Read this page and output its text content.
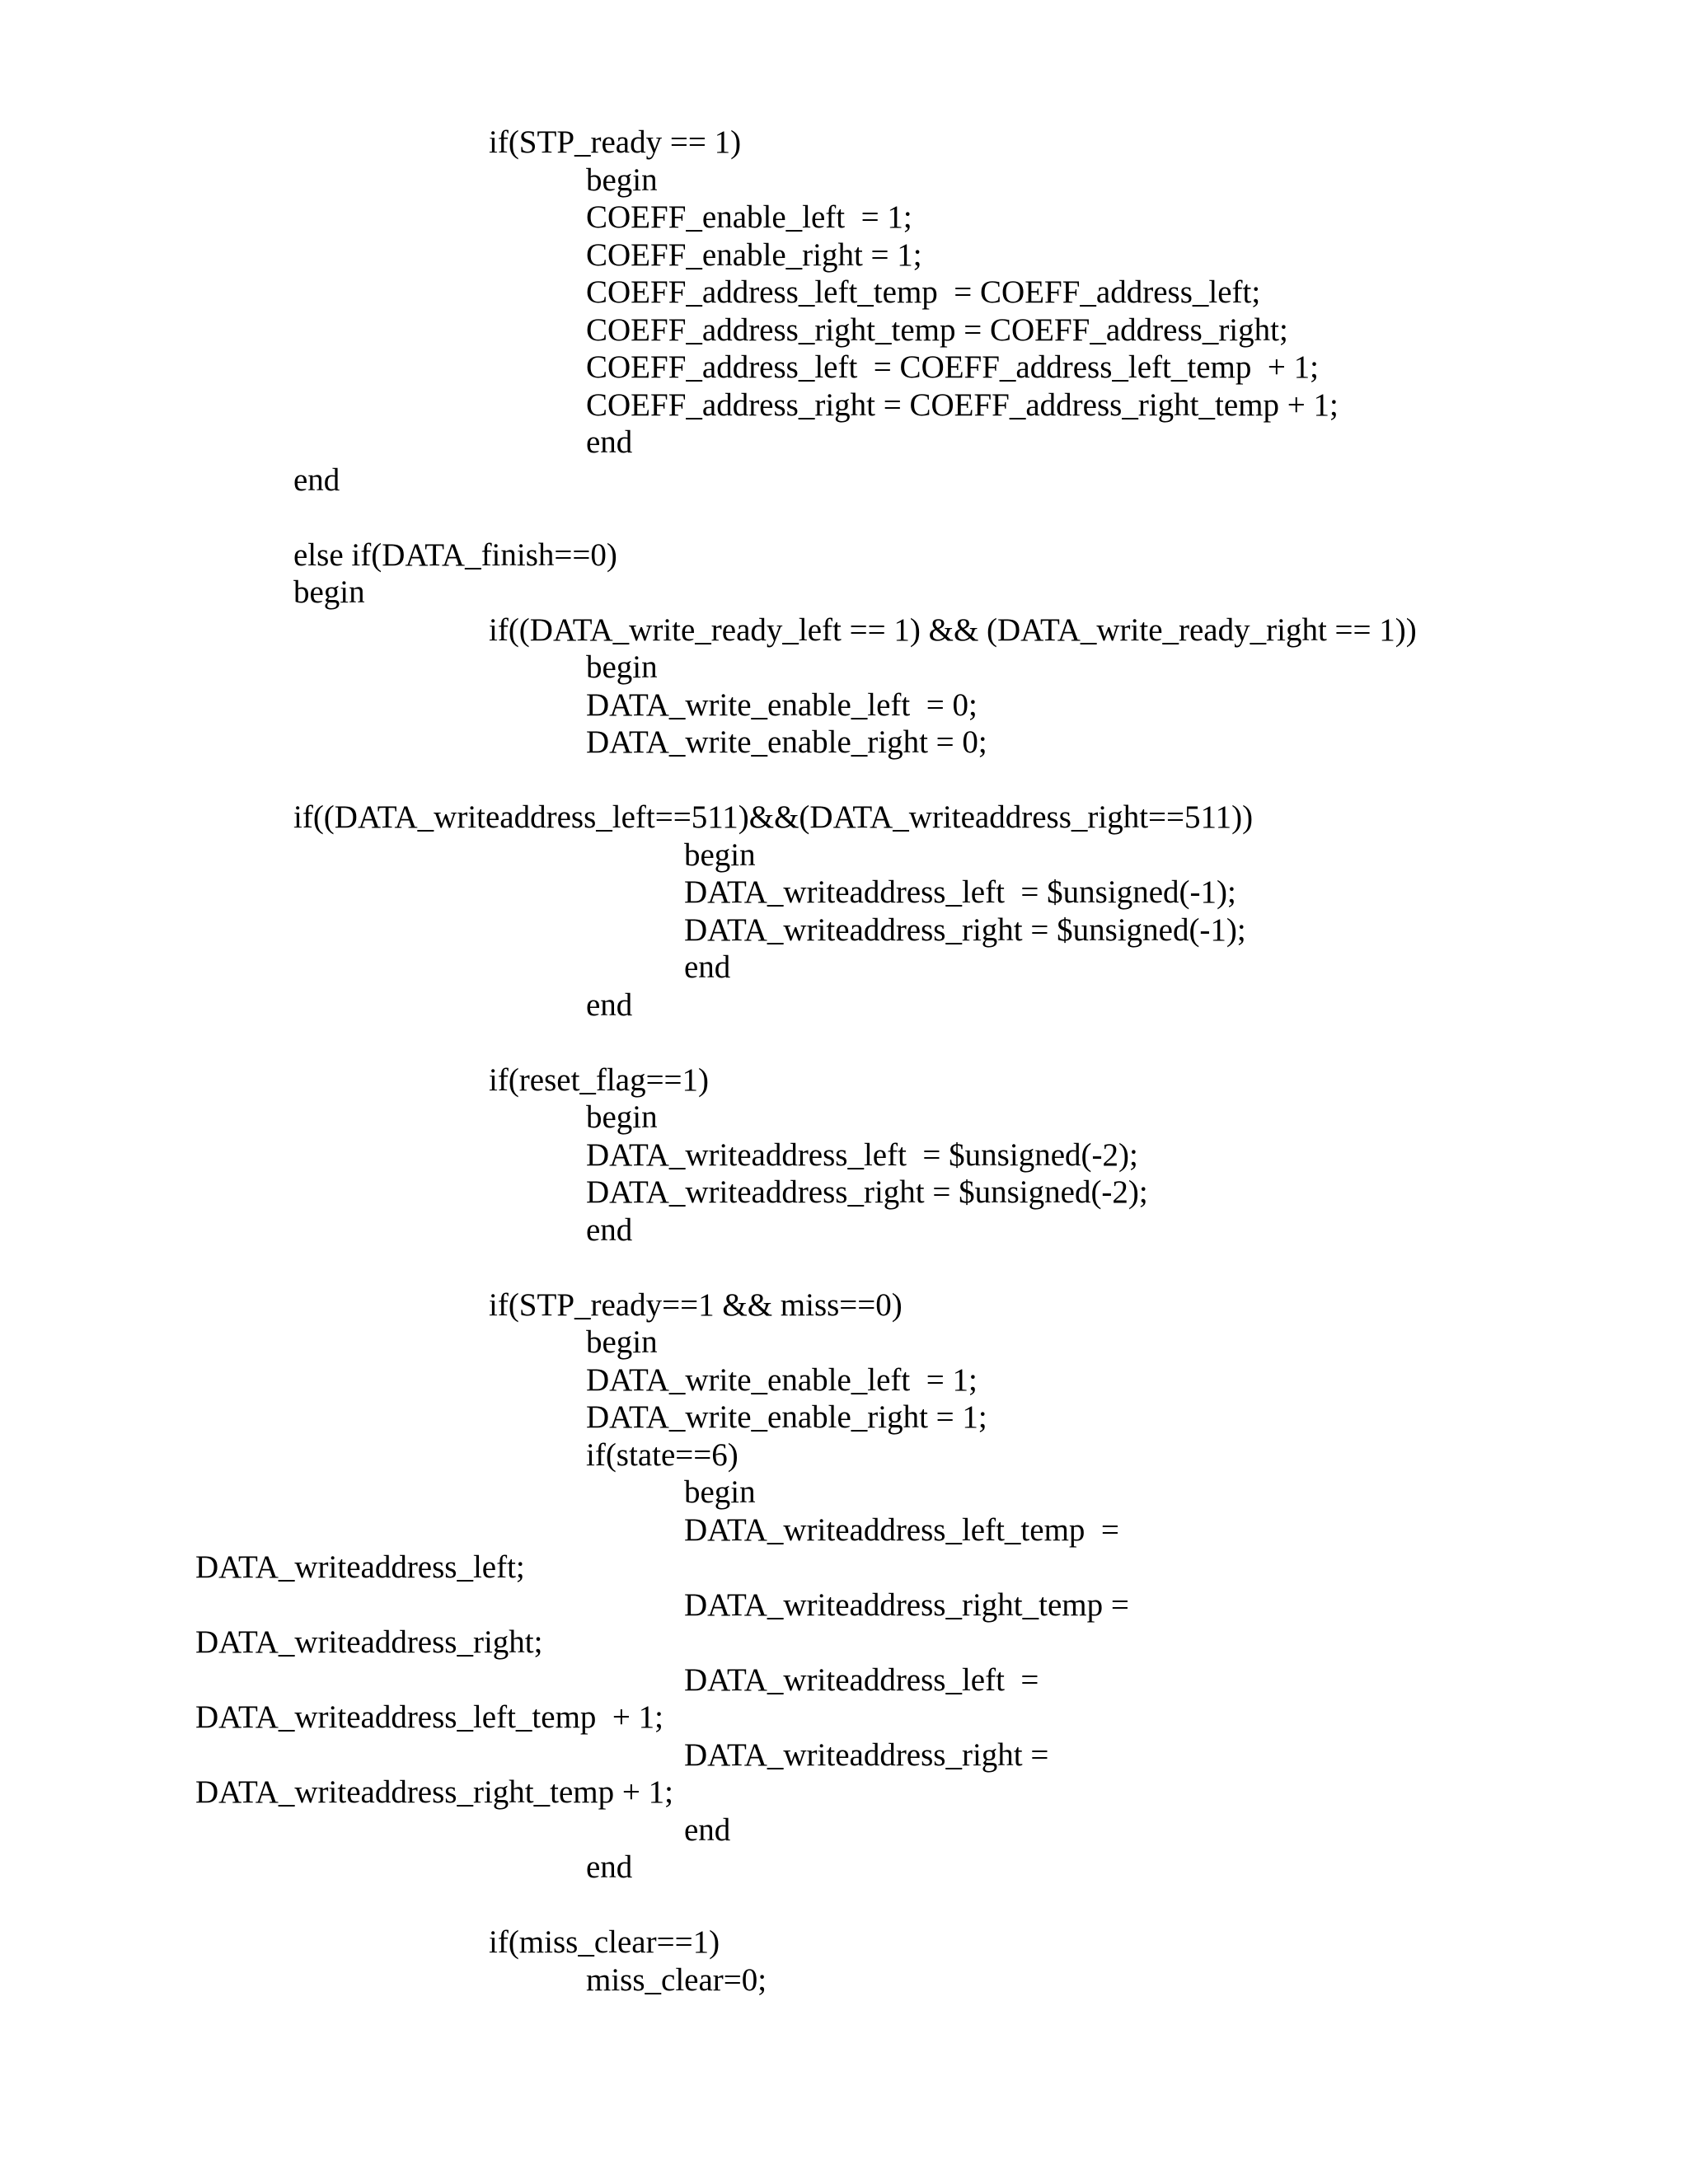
if(STP_ready == 1)
begin
COEFF_enable_left  = 1;
COEFF_enable_right = 1;
COEFF_address_left_temp  = COEFF_address_left;
COEFF_address_right_temp = COEFF_address_right;
COEFF_address_left  = COEFF_address_left_temp  + 1;
COEFF_address_right = COEFF_address_right_temp + 1;
end
end
else if(DATA_finish==0)
begin
if((DATA_write_ready_left == 1) && (DATA_write_ready_right == 1))
begin
DATA_write_enable_left  = 0;
DATA_write_enable_right = 0;
if((DATA_writeaddress_left==511)&&(DATA_writeaddress_right==511))
begin
DATA_writeaddress_left  = $unsigned(-1);
DATA_writeaddress_right = $unsigned(-1);
end
end
if(reset_flag==1)
begin
DATA_writeaddress_left  = $unsigned(-2);
DATA_writeaddress_right = $unsigned(-2);
end
if(STP_ready==1 && miss==0)
begin
DATA_write_enable_left  = 1;
DATA_write_enable_right = 1;
if(state==6)
begin
DATA_writeaddress_left_temp  =
DATA_writeaddress_left;
DATA_writeaddress_right_temp =
DATA_writeaddress_right;
DATA_writeaddress_left  =
DATA_writeaddress_left_temp  + 1;
DATA_writeaddress_right =
DATA_writeaddress_right_temp + 1;
end
end
if(miss_clear==1)
miss_clear=0;
